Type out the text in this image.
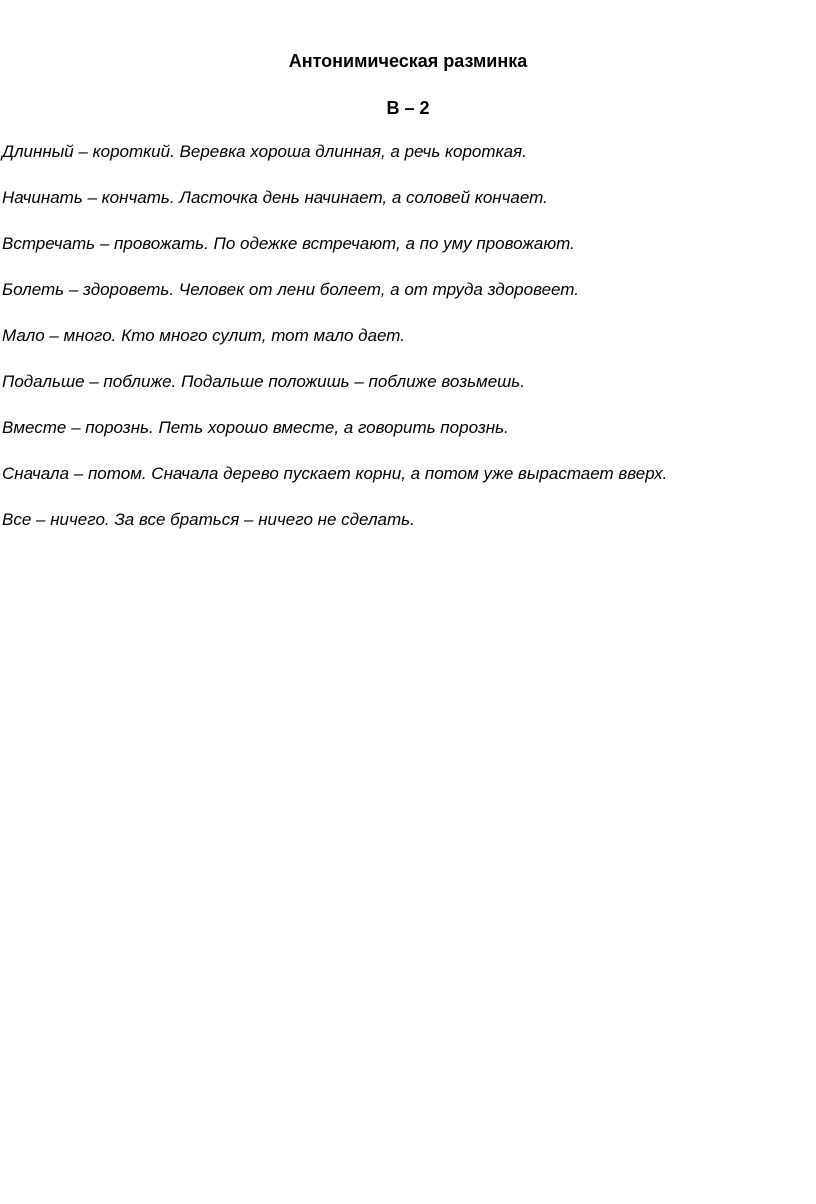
Антонимическая разминка
В – 2
Длинный – короткий. Веревка хороша длинная, а речь короткая.
Начинать – кончать. Ласточка день начинает, а соловей кончает.
Встречать – провожать. По одежке встречают, а по уму провожают.
Болеть – здороветь. Человек от лени болеет, а от труда здоровеет.
Мало – много. Кто много сулит, тот мало дает.
Подальше – поближе. Подальше положишь – поближе возьмешь.
Вместе – порознь. Петь хорошо вместе, а говорить порознь.
Сначала – потом. Сначала дерево пускает корни, а потом уже вырастает вверх.
Все – ничего. За все браться – ничего не сделать.
